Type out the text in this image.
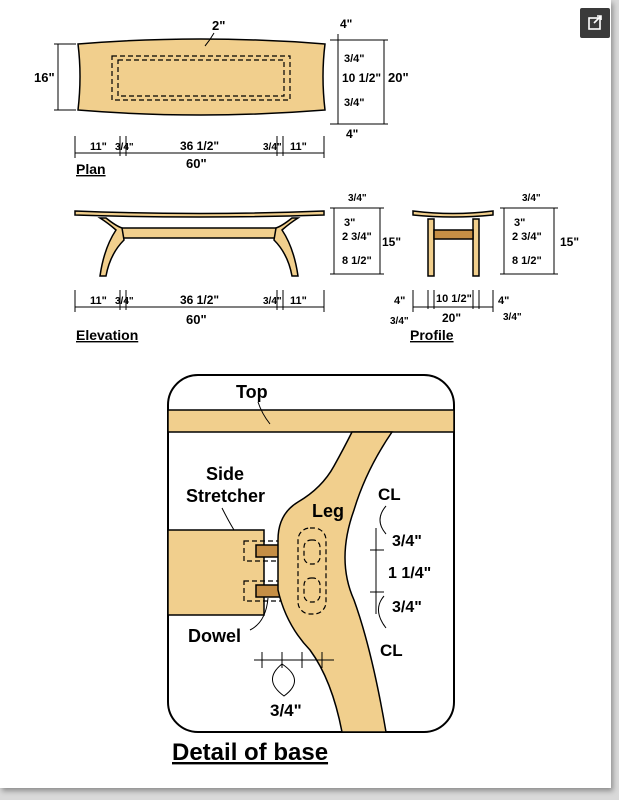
2"
16"
4"
3/4"
10 1/2"
3/4"
4"
20"
11" 3/4"	36 1/2"	3/4" 11"
60"
Plan
3/4"
3"
2 3/4"
8 1/2"
15"
11" 3/4"	36 1/2"	3/4" 11"
60"
Elevation
3/4"
3"
2 3/4"
8 1/2"
15"
4"	10 1/2" 4"
3/4"	20"	3/4"
Profile
Top
Side
Stretcher
Leg
Dowel
CL
CL
3/4"
1 1/4"
3/4"
3/4"
Detail of base
